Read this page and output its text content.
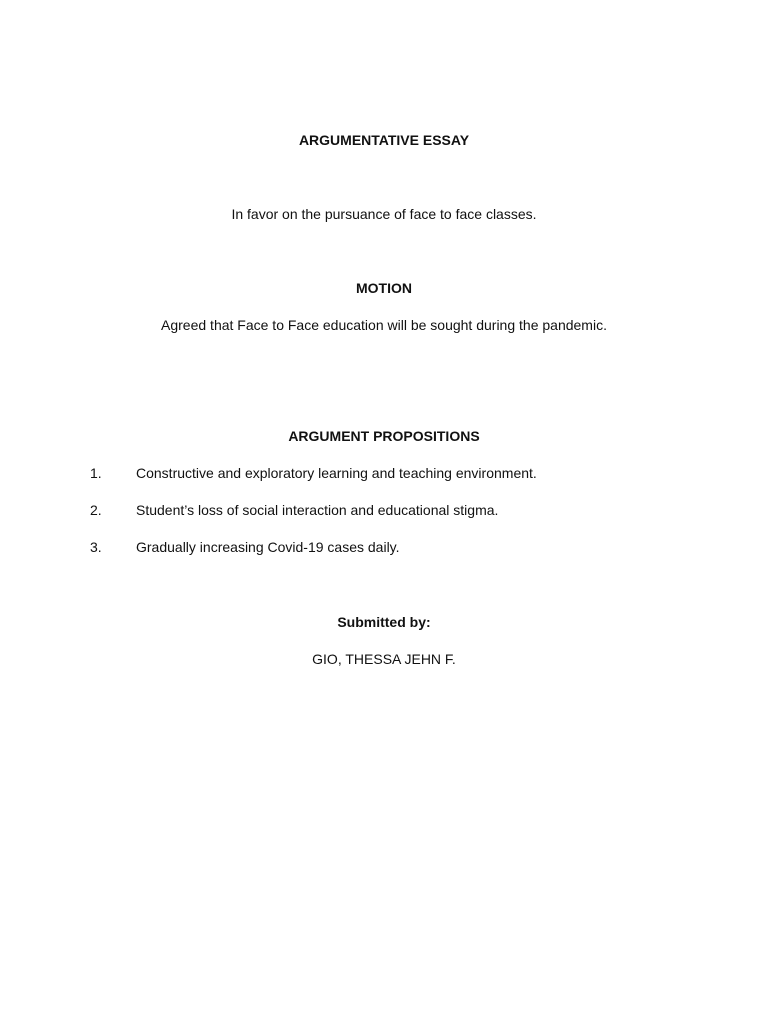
ARGUMENTATIVE ESSAY
In favor on the pursuance of face to face classes.
MOTION
Agreed that Face to Face education will be sought during the pandemic.
ARGUMENT PROPOSITIONS
1. Constructive and exploratory learning and teaching environment.
2. Student’s loss of social interaction and educational stigma.
3. Gradually increasing Covid-19 cases daily.
Submitted by:
GIO, THESSA JEHN F.
